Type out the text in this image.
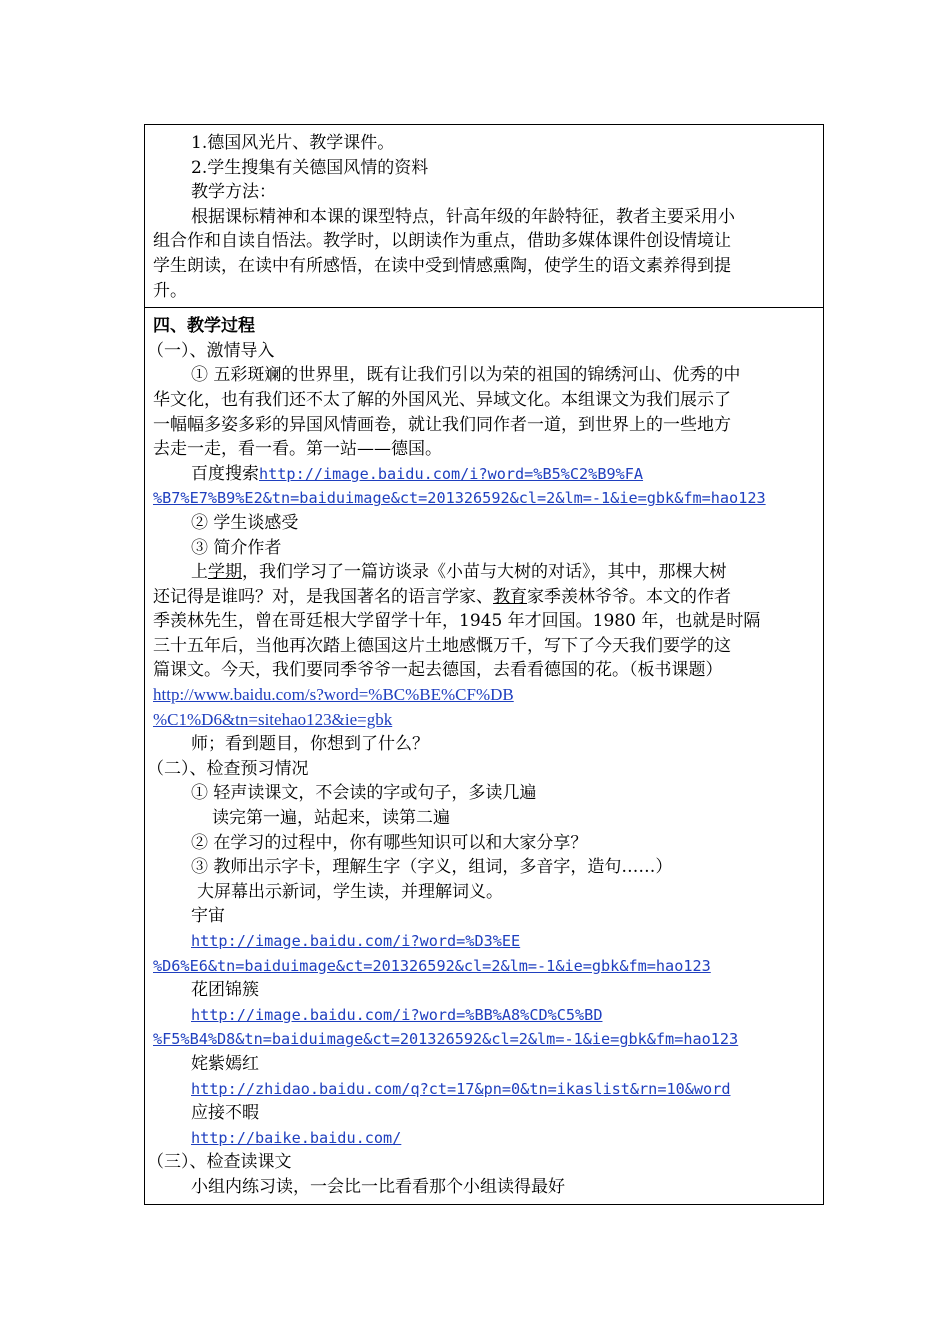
1.德国风光片、教学课件。
2.学生搜集有关德国风情的资料
教学方法：
根据课标精神和本课的课型特点，针高年级的年龄特征，教者主要采用小
组合作和自读自悟法。教学时，以朗读作为重点，借助多媒体课件创设情境让
学生朗读，在读中有所感悟，在读中受到情感熏陶，使学生的语文素养得到提
升。
四、教学过程
（一）、激情导入
① 五彩斑斓的世界里，既有让我们引以为荣的祖国的锦绣河山、优秀的中
华文化，也有我们还不太了解的外国风光、异域文化。本组课文为我们展示了
一幅幅多姿多彩的异国风情画卷，就让我们同作者一道，到世界上的一些地方
去走一走，看一看。第一站——德国。
百度搜索http://image.baidu.com/i?word=%B5%C2%B9%FA
%B7%E7%B9%E2&tn=baiduimage&ct=201326592&cl=2&lm=-1&ie=gbk&fm=hao123
② 学生谈感受
③ 简介作者
上学期，我们学习了一篇访谈录《小苗与大树的对话》，其中，那棵大树
还记得是谁吗？对，是我国著名的语言学家、教育家季羡林爷爷。本文的作者
季羡林先生，曾在哥廷根大学留学十年，1945 年才回国。1980 年，也就是时隔
三十五年后，当他再次踏上德国这片土地感慨万千，写下了今天我们要学的这
篇课文。今天，我们要同季爷爷一起去德国，去看看德国的花。（板书课题）
http://www.baidu.com/s?word=%BC%BE%CF%DB
%C1%D6&tn=sitehao123&ie=gbk
师；看到题目，你想到了什么？
（二）、检查预习情况
① 轻声读课文，不会读的字或句子，多读几遍
读完第一遍，站起来，读第二遍
② 在学习的过程中，你有哪些知识可以和大家分享？
③ 教师出示字卡，理解生字（字义，组词，多音字，造句……）
大屏幕出示新词，学生读，并理解词义。
宇宙
http://image.baidu.com/i?word=%D3%EE
%D6%E6&tn=baiduimage&ct=201326592&cl=2&lm=-1&ie=gbk&fm=hao123
花团锦簇
http://image.baidu.com/i?word=%BB%A8%CD%C5%BD
%F5%B4%D8&tn=baiduimage&ct=201326592&cl=2&lm=-1&ie=gbk&fm=hao123
姹紫嫣红
http://zhidao.baidu.com/q?ct=17&pn=0&tn=ikaslist&rn=10&word
应接不暇
http://baike.baidu.com/
（三）、检查读课文
小组内练习读，一会比一比看看那个小组读得最好
